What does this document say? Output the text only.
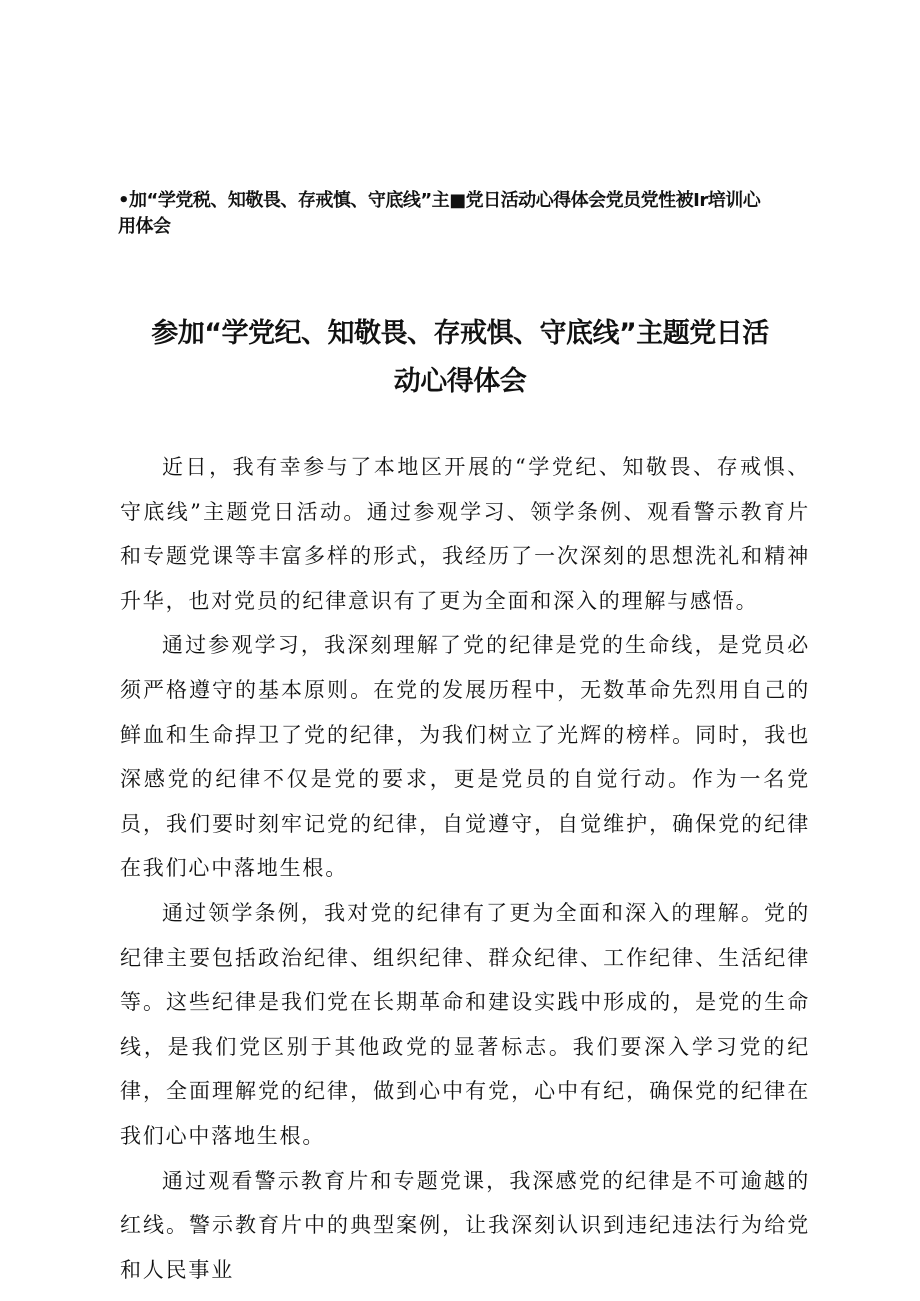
•加“学党税、知敬畏、存戒慎、守底线”主■党日活动心得体会党员党性被Ir培训心
用体会
参加“学党纪、知敬畏、存戒惧、守底线”主题党日活
动心得体会

近日，我有幸参与了本地区开展的“学党纪、知敬畏、存戒惧、守底线”主题党日活动。通过参观学习、领学条例、观看警示教育片和专题党课等丰富多样的形式，我经历了一次深刻的思想洗礼和精神升华，也对党员的纪律意识有了更为全面和深入的理解与感悟。

通过参观学习，我深刻理解了党的纪律是党的生命线，是党员必须严格遵守的基本原则。在党的发展历程中，无数革命先烈用自己的鲜血和生命捍卫了党的纪律，为我们树立了光辉的榜样。同时，我也深感党的纪律不仅是党的要求，更是党员的自觉行动。作为一名党员，我们要时刻牢记党的纪律，自觉遵守，自觉维护，确保党的纪律在我们心中落地生根。

通过领学条例，我对党的纪律有了更为全面和深入的理解。党的纪律主要包括政治纪律、组织纪律、群众纪律、工作纪律、生活纪律等。这些纪律是我们党在长期革命和建设实践中形成的，是党的生命线，是我们党区别于其他政党的显著标志。我们要深入学习党的纪律，全面理解党的纪律，做到心中有党，心中有纪，确保党的纪律在我们心中落地生根。

通过观看警示教育片和专题党课，我深感党的纪律是不可逾越的红线。警示教育片中的典型案例，让我深刻认识到违纪违法行为给党和人民事业
